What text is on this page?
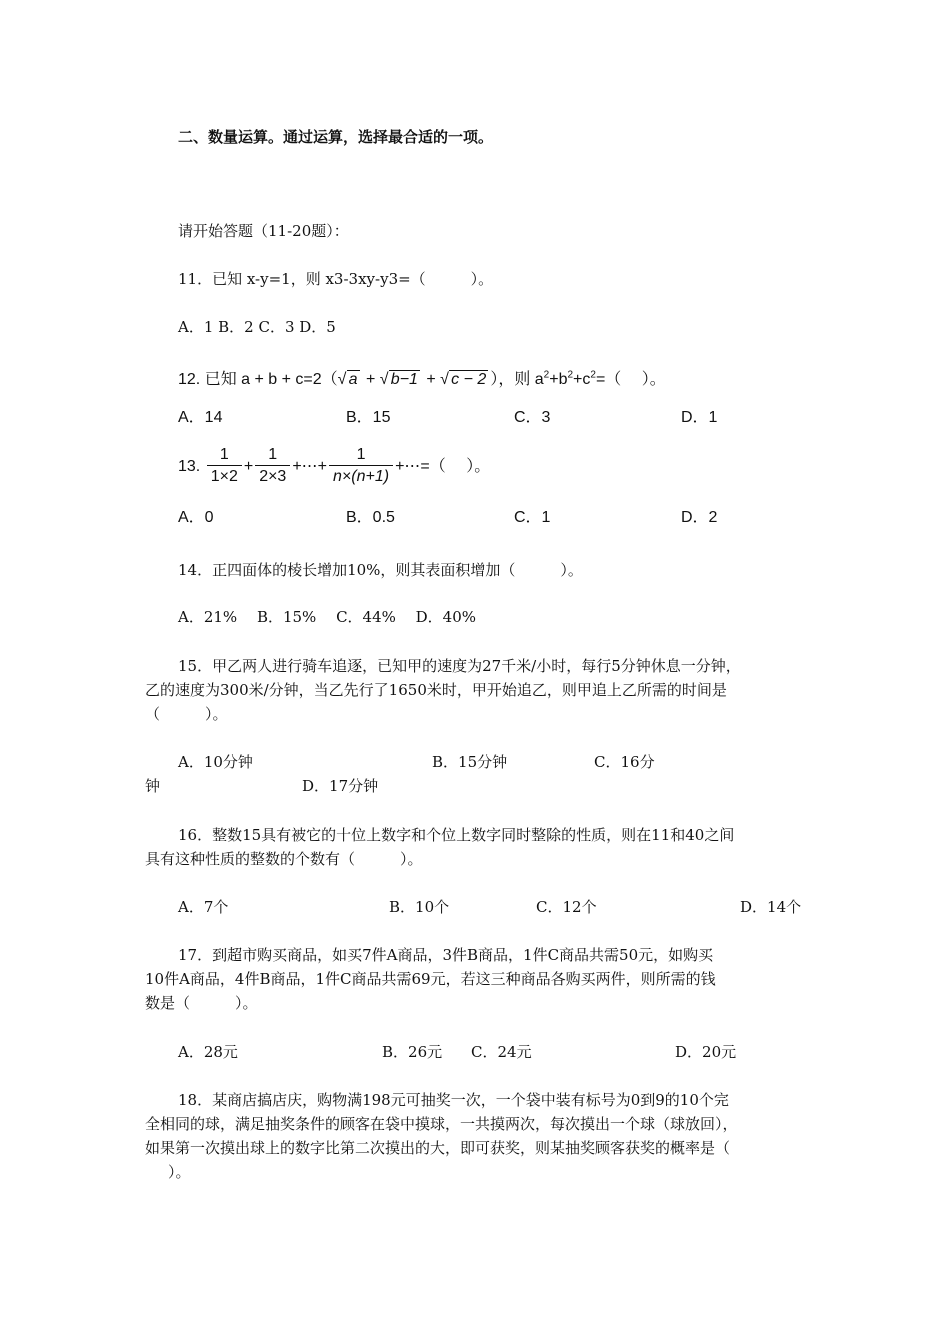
二、数量运算。通过运算，选择最合适的一项。
请开始答题（11-20题）：
11．已知 x-y=1，则 x3-3xy-y3=（　　　）。
A．1 B．2 C．3 D．5
12. 已知 a + b + c=2（ √ a + √ b−1 + √ c − 2 ），则 $a^2+b^2+c^2=$（　 ）。
A．14	B．15	C．3	D．1
13. $\frac{1}{1\times 2} + \frac{1}{2\times 3}$ +⋯+ $\frac{1}{n\times(n+1)}$ +⋯=（　 ）。
A．0	B．0.5	C．1	D．2
14．正四面体的棱长增加10%，则其表面积增加（　　　）。
A．21%　 B．15%　 C．44%　 D．40%
15．甲乙两人进行骑车追逐，已知甲的速度为27千米/小时，每行5分钟休息一分钟，
乙的速度为300米/分钟，当乙先行了1650米时，甲开始追乙，则甲追上乙所需的时间是
（　　　）。
A．10分钟	B．15分钟	C．16分
钟	D．17分钟
16．整数15具有被它的十位上数字和个位上数字同时整除的性质，则在11和40之间
具有这种性质的整数的个数有（　　　）。
A．7个	B．10个	C．12个	D．14个
17．到超市购买商品，如买7件A商品，3件B商品，1件C商品共需50元，如购买
10件A商品，4件B商品，1件C商品共需69元，若这三种商品各购买两件，则所需的钱
数是（　　　）。
A．28元	B．26元 C．24元	D．20元
18．某商店搞店庆，购物满198元可抽奖一次，一个袋中装有标号为0到9的10个完
全相同的球，满足抽奖条件的顾客在袋中摸球，一共摸两次，每次摸出一个球（球放回），
如果第一次摸出球上的数字比第二次摸出的大，即可获奖，则某抽奖顾客获奖的概率是（
）。
